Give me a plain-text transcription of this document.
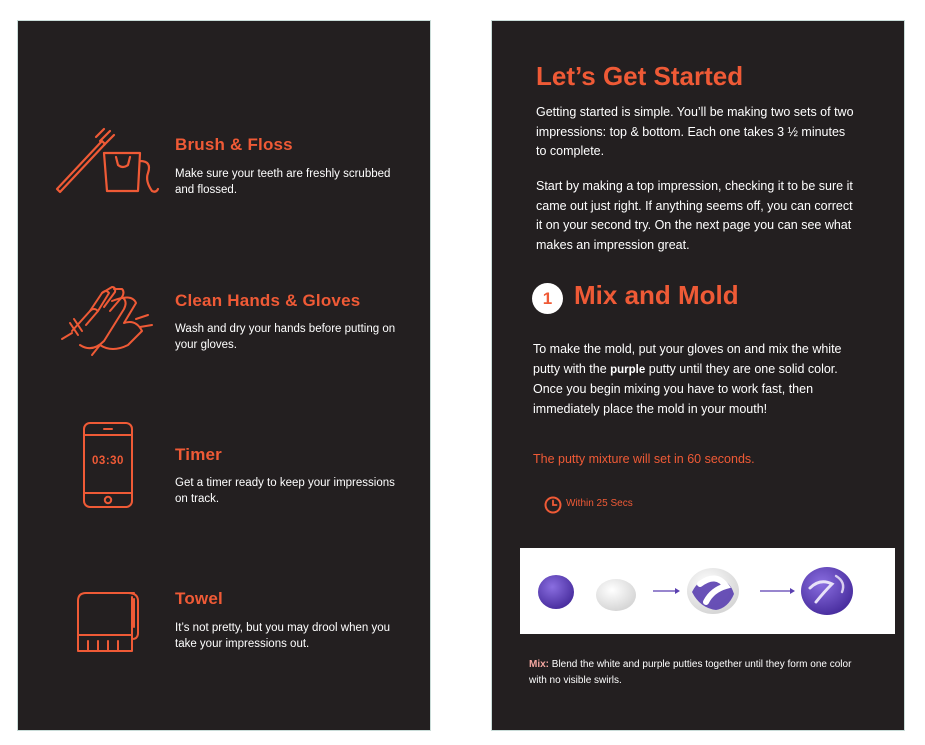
Brush & Floss

Make sure your teeth are freshly scrubbed and flossed.

Clean Hands & Gloves

Wash and dry your hands before putting on your gloves.

03:30	Timer

Get a timer ready to keep your impressions on track.

Towel

It’s not pretty, but you may drool when you take your impressions out.

Let’s Get Started

Getting started is simple. You’ll be making two sets of two impressions: top & bottom. Each one takes 3 ½ minutes to complete.

Start by making a top impression, checking it to be sure it came out just right. If anything seems off, you can correct it on your second try. On the next page you can see what makes an impression great.

1 Mix and Mold

To make the mold, put your gloves on and mix the white putty with the purple putty until they are one solid color. Once you begin mixing you have to work fast, then immediately place the mold in your mouth!

The putty mixture will set in 60 seconds.

Within 25 Secs

Mix: Blend the white and purple putties together until they form one color with no visible swirls.
